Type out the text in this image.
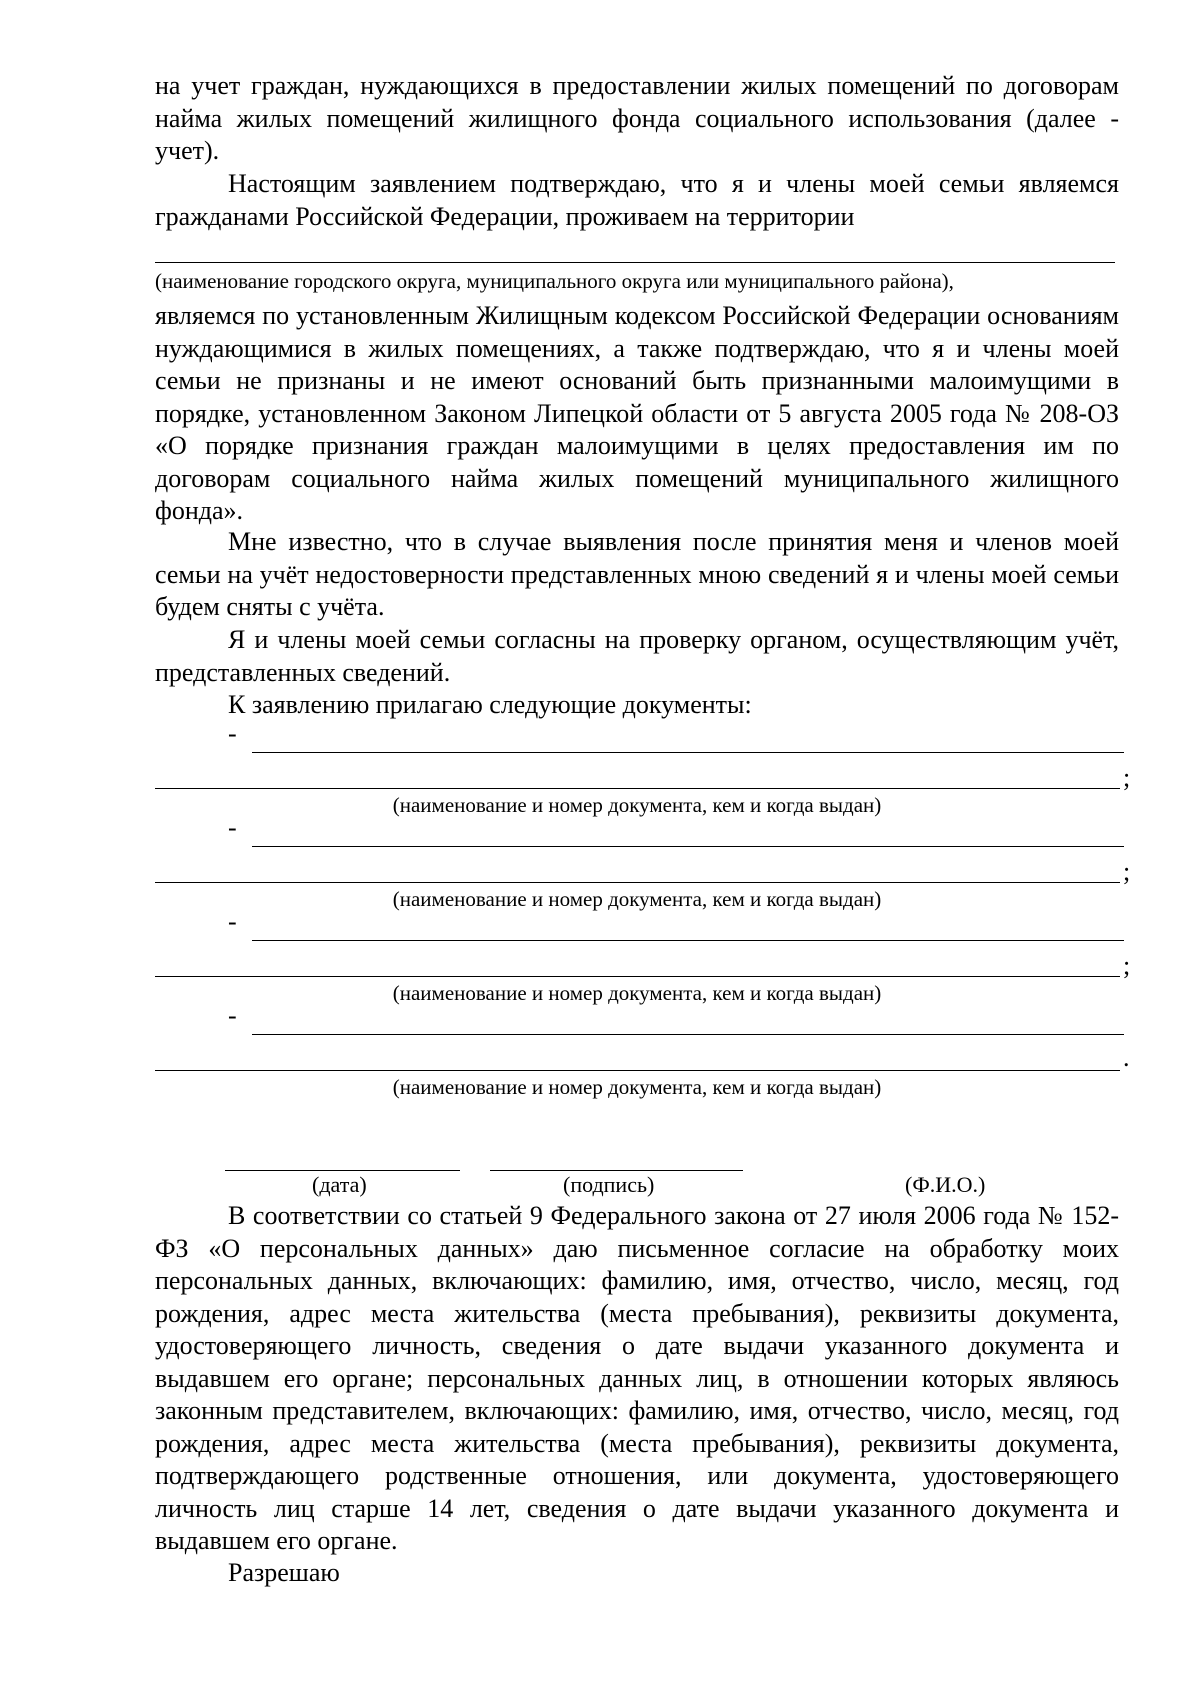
на учет граждан, нуждающихся в предоставлении жилых помещений по договорам найма жилых помещений жилищного фонда социального использования (далее - учет).
Настоящим заявлением подтверждаю, что я и члены моей семьи являемся гражданами Российской Федерации, проживаем на территории
(наименование городского округа, муниципального округа или муниципального района),
являемся по установленным Жилищным кодексом Российской Федерации основаниям нуждающимися в жилых помещениях, а также подтверждаю, что я и члены моей семьи не признаны и не имеют оснований быть признанными малоимущими в порядке, установленном Законом Липецкой области от 5 августа 2005 года № 208-ОЗ «О порядке признания граждан малоимущими в целях предоставления им по договорам социального найма жилых помещений муниципального жилищного фонда».
Мне известно, что в случае выявления после принятия меня и членов моей семьи на учёт недостоверности представленных мною сведений я и члены моей семьи будем сняты с учёта.
Я и члены моей семьи согласны на проверку органом, осуществляющим учёт, представленных сведений.
К заявлению прилагаю следующие документы:
-
;
(наименование и номер документа, кем и когда выдан)
-
;
(наименование и номер документа, кем и когда выдан)
-
;
(наименование и номер документа, кем и когда выдан)
-
.
(наименование и номер документа, кем и когда выдан)
(дата)	(подпись)	(Ф.И.О.)
В соответствии со статьей 9 Федерального закона от 27 июля 2006 года № 152-ФЗ «О персональных данных» даю письменное согласие на обработку моих персональных данных, включающих: фамилию, имя, отчество, число, месяц, год рождения, адрес места жительства (места пребывания), реквизиты документа, удостоверяющего личность, сведения о дате выдачи указанного документа и выдавшем его органе; персональных данных лиц, в отношении которых являюсь законным представителем, включающих: фамилию, имя, отчество, число, месяц, год рождения, адрес места жительства (места пребывания), реквизиты документа, подтверждающего родственные отношения, или документа, удостоверяющего личность лиц старше 14 лет, сведения о дате выдачи указанного документа и выдавшем его органе.
Разрешаю
